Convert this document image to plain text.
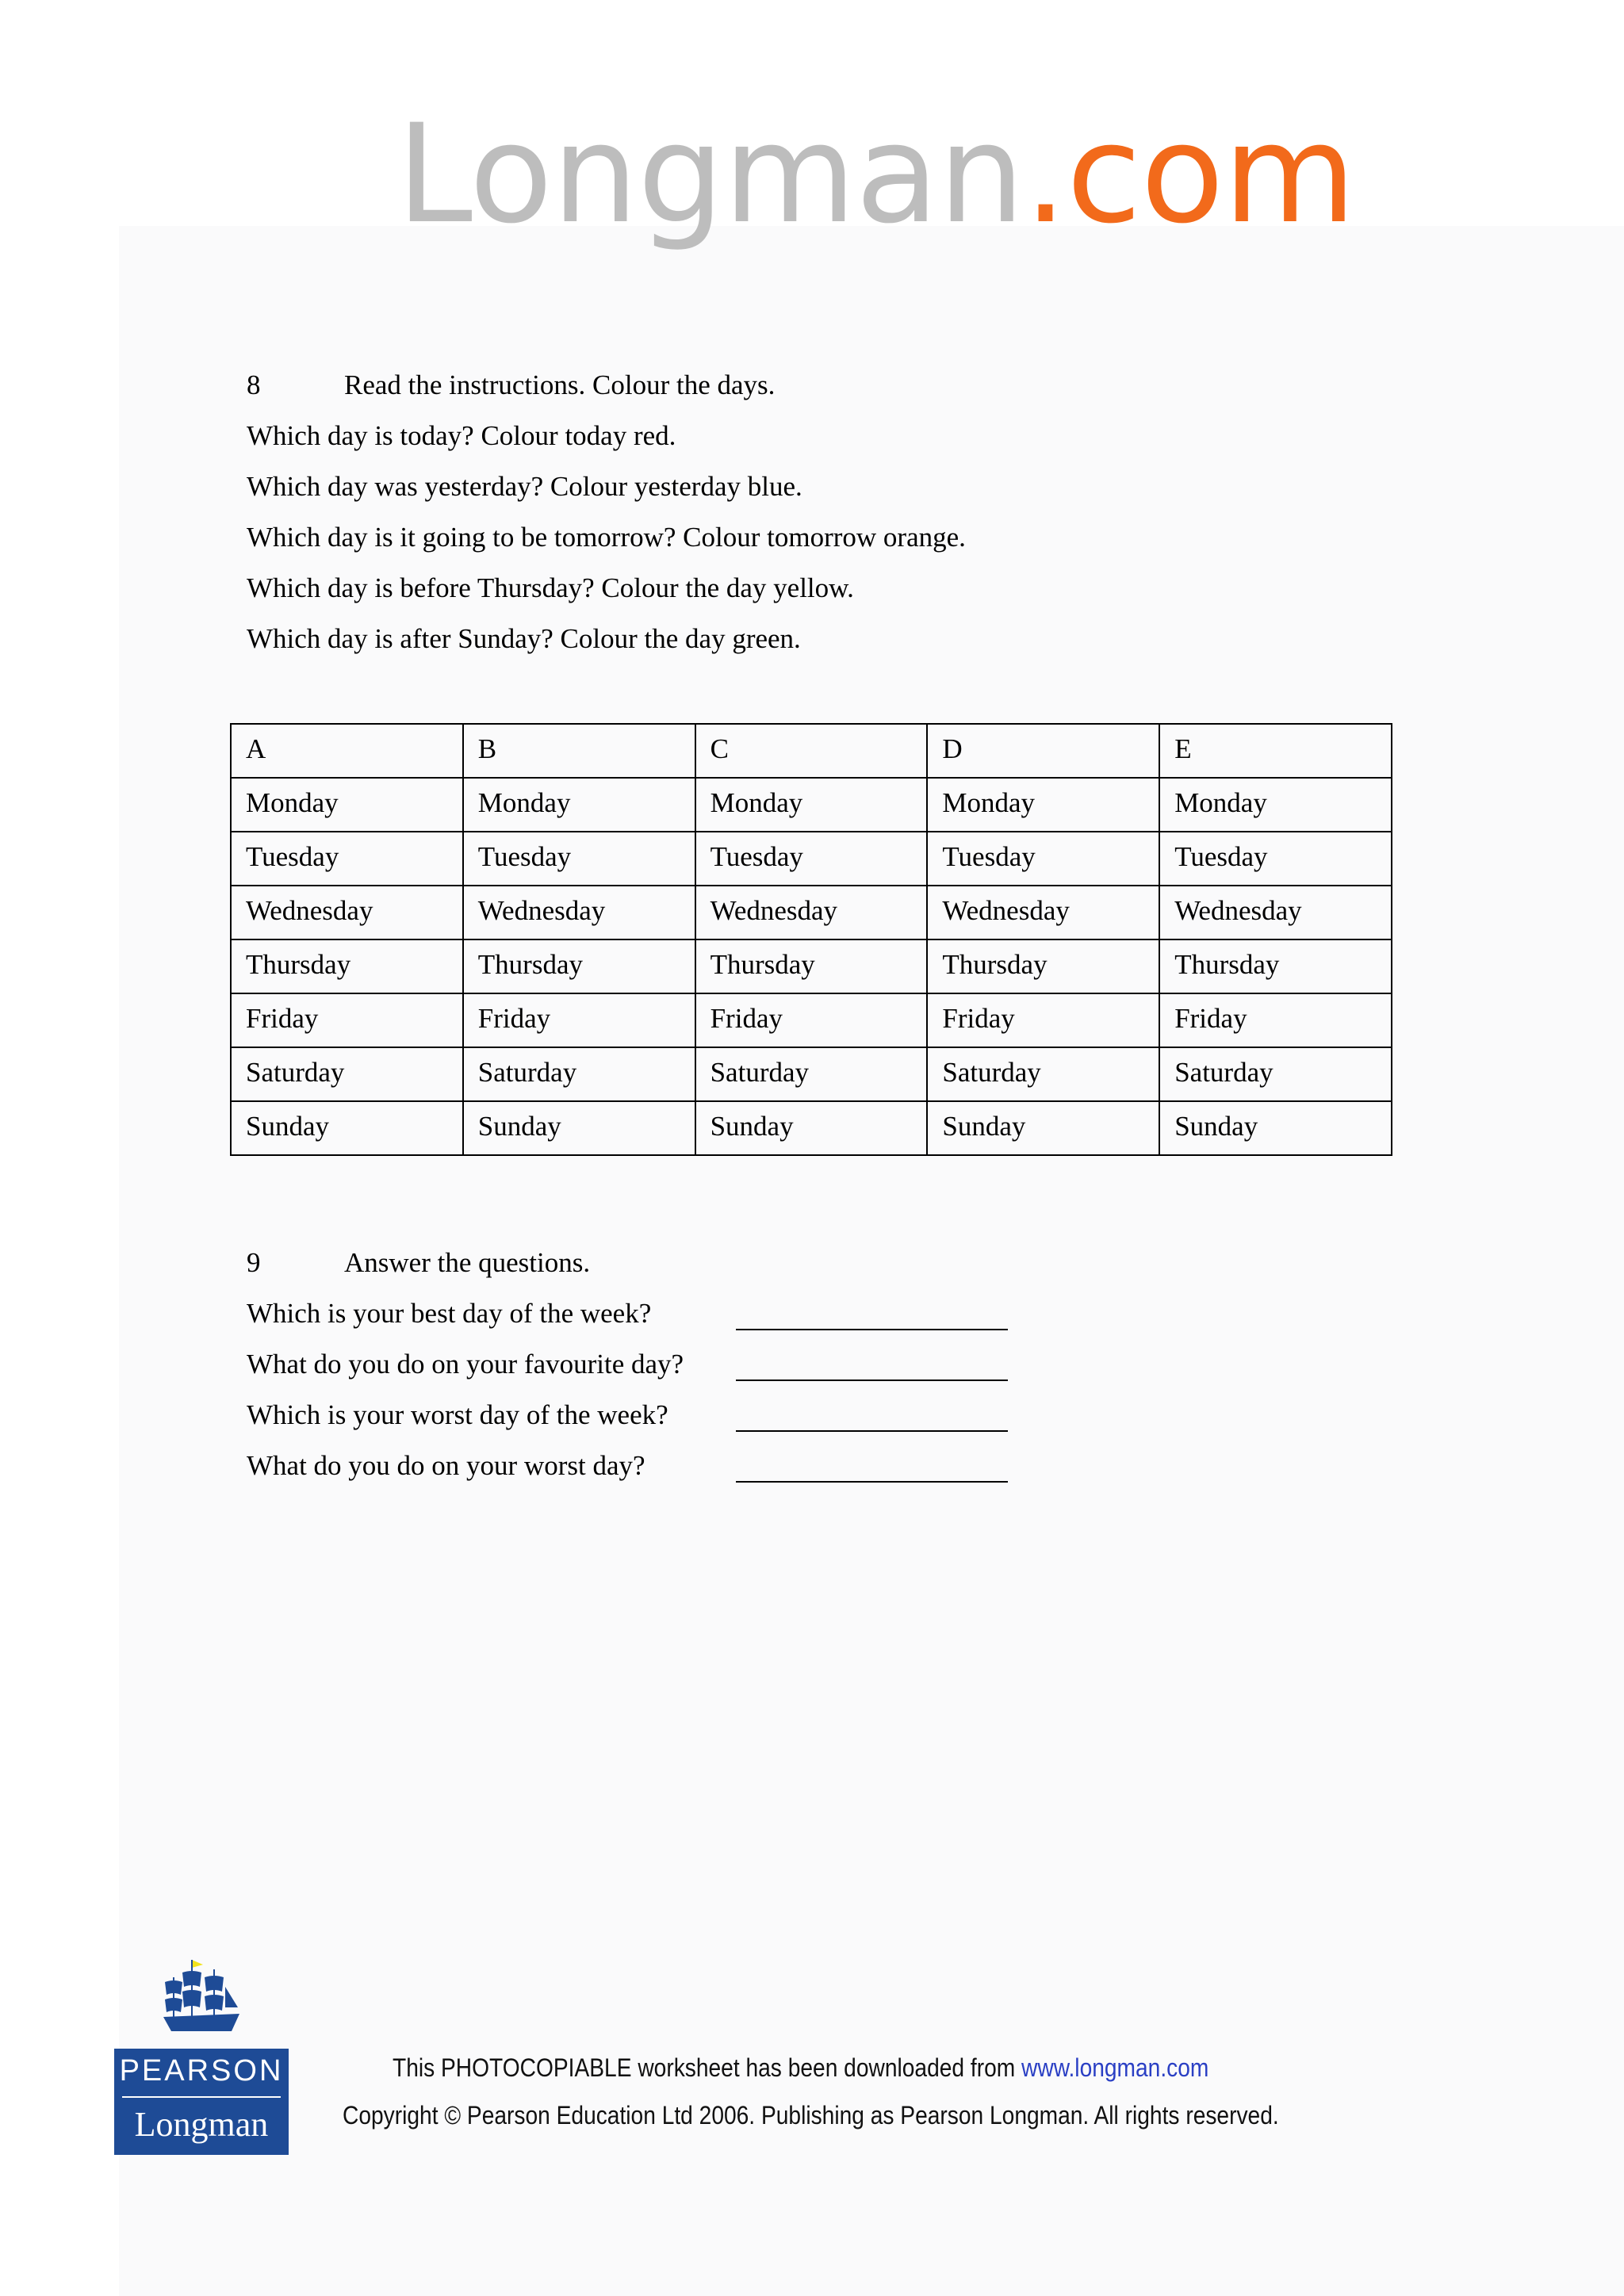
Longman.com
8	Read the instructions. Colour the days.
Which day is today? Colour today red.
Which day was yesterday? Colour yesterday blue.
Which day is it going to be tomorrow? Colour tomorrow orange.
Which day is before Thursday? Colour the day yellow.
Which day is after Sunday? Colour the day green.
A	B	C	D	E
Monday	Monday	Monday	Monday	Monday
Tuesday	Tuesday	Tuesday	Tuesday	Tuesday
Wednesday	Wednesday	Wednesday	Wednesday	Wednesday
Thursday	Thursday	Thursday	Thursday	Thursday
Friday	Friday	Friday	Friday	Friday
Saturday	Saturday	Saturday	Saturday	Saturday
Sunday	Sunday	Sunday	Sunday	Sunday
9	Answer the questions.
Which is your best day of the week?
What do you do on your favourite day?
Which is your worst day of the week?
What do you do on your worst day?
PEARSON
Longman
This PHOTOCOPIABLE worksheet has been downloaded from www.longman.com
Copyright © Pearson Education Ltd 2006. Publishing as Pearson Longman. All rights reserved.
